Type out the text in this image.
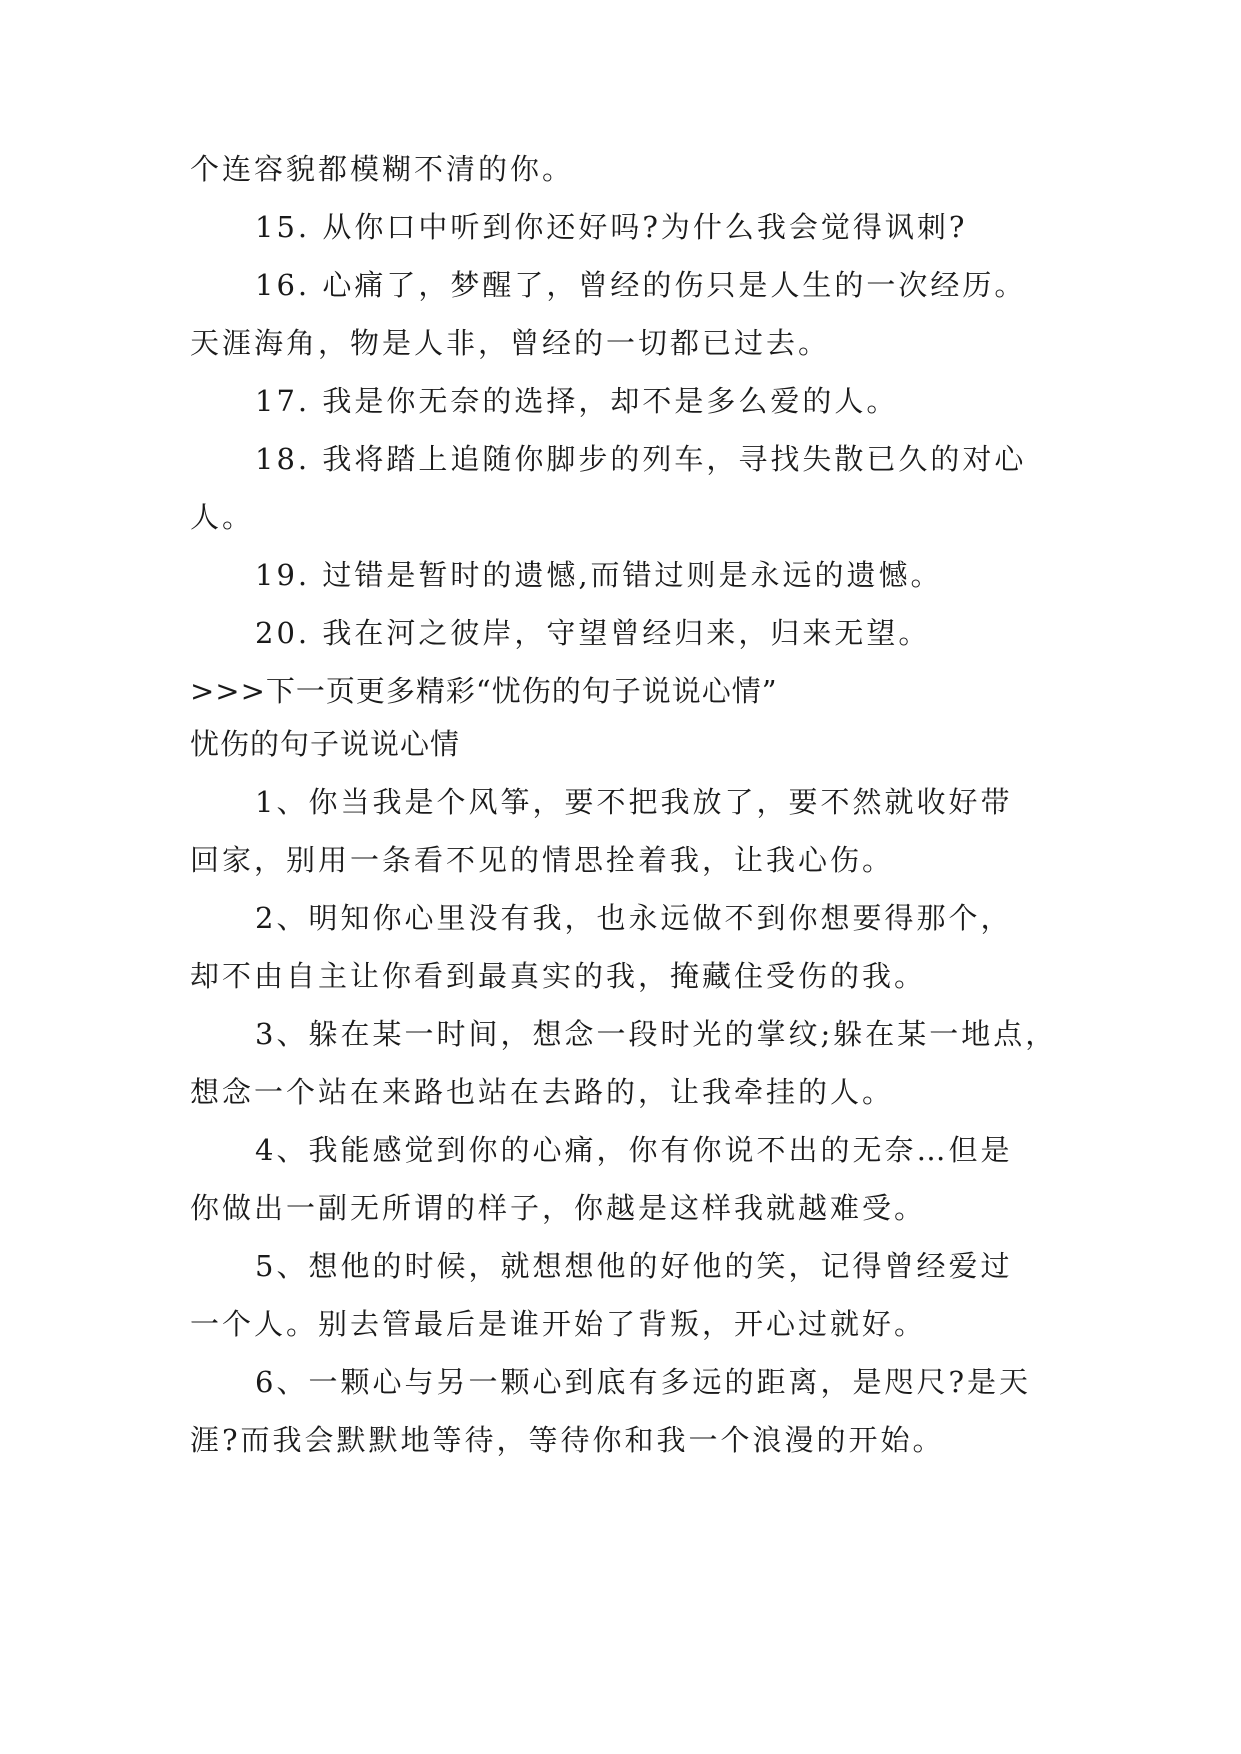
个连容貌都模糊不清的你。
15. 从你口中听到你还好吗?为什么我会觉得讽刺?
16. 心痛了，梦醒了，曾经的伤只是人生的一次经历。
天涯海角，物是人非，曾经的一切都已过去。
17. 我是你无奈的选择，却不是多么爱的人。
18. 我将踏上追随你脚步的列车，寻找失散已久的对心
人。
19. 过错是暂时的遗憾,而错过则是永远的遗憾。
20. 我在河之彼岸，守望曾经归来，归来无望。
>>>下一页更多精彩“忧伤的句子说说心情”
忧伤的句子说说心情
1、你当我是个风筝，要不把我放了，要不然就收好带
回家，别用一条看不见的情思拴着我，让我心伤。
2、明知你心里没有我，也永远做不到你想要得那个，
却不由自主让你看到最真实的我，掩藏住受伤的我。
3、躲在某一时间，想念一段时光的掌纹;躲在某一地点，
想念一个站在来路也站在去路的，让我牵挂的人。
4、我能感觉到你的心痛，你有你说不出的无奈…但是
你做出一副无所谓的样子，你越是这样我就越难受。
5、想他的时候，就想想他的好他的笑，记得曾经爱过
一个人。别去管最后是谁开始了背叛，开心过就好。
6、一颗心与另一颗心到底有多远的距离，是咫尺?是天
涯?而我会默默地等待，等待你和我一个浪漫的开始。
